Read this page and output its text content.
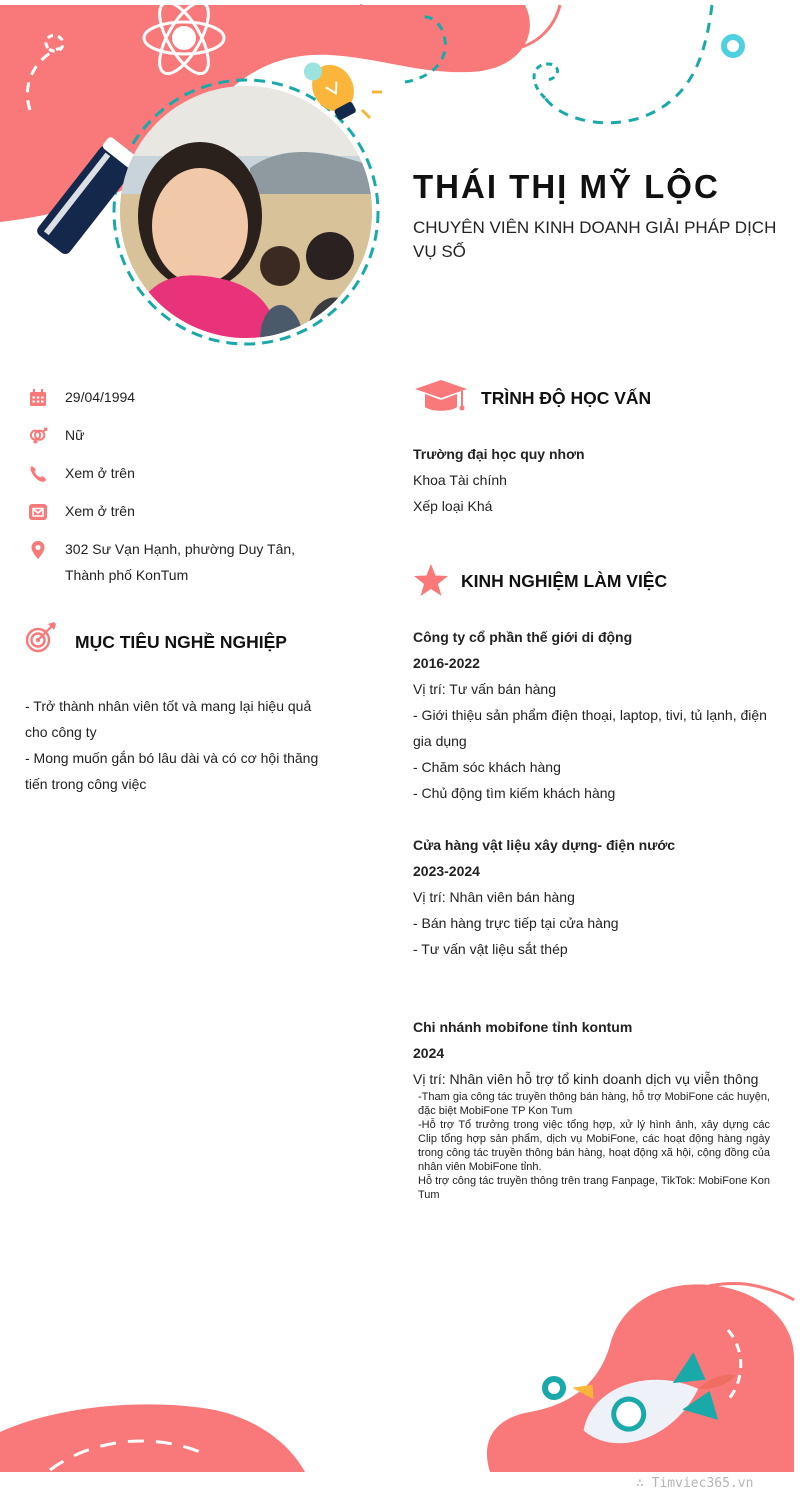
THÁI THỊ MỸ LỘC
CHUYÊN VIÊN KINH DOANH GIẢI PHÁP DỊCH VỤ SỐ
29/04/1994
Nữ
Xem ở trên
Xem ở trên
302 Sư Vạn Hạnh, phường Duy Tân,
Thành phố KonTum
MỤC TIÊU NGHỀ NGHIỆP
- Trở thành nhân viên tốt và mang lại hiệu quả
cho công ty
- Mong muốn gắn bó lâu dài và có cơ hội thăng
tiến trong công việc
TRÌNH ĐỘ HỌC VẤN
Trường đại học quy nhơn
Khoa Tài chính
Xếp loại Khá
KINH NGHIỆM LÀM VIỆC
Công ty cổ phần thế giới di động
2016-2022
Vị trí: Tư vấn bán hàng
- Giới thiệu sản phẩm điện thoại, laptop, tivi, tủ lạnh, điện
gia dụng
- Chăm sóc khách hàng
- Chủ động tìm kiếm khách hàng
Cửa hàng vật liệu xây dựng- điện nước
2023-2024
Vị trí: Nhân viên bán hàng
- Bán hàng trực tiếp tại cửa hàng
- Tư vấn vật liệu sắt thép
Chi nhánh mobifone tỉnh kontum
2024
Vị trí: Nhân viên hỗ trợ tổ kinh doanh dịch vụ viễn thông
-Tham gia công tác truyền thông bán hàng, hỗ trợ MobiFone các huyện, đặc biệt MobiFone TP Kon Tum
-Hỗ trợ Tổ trưởng trong việc tổng hợp, xử lý hình ảnh, xây dựng các Clip tổng hợp sản phẩm, dịch vụ MobiFone, các hoạt động hàng ngày trong công tác truyền thông bán hàng, hoạt động xã hội, cộng đồng của nhân viên MobiFone tỉnh.
Hỗ trợ công tác truyền thông trên trang Fanpage, TikTok: MobiFone Kon Tum
∴ Timviec365.vn
